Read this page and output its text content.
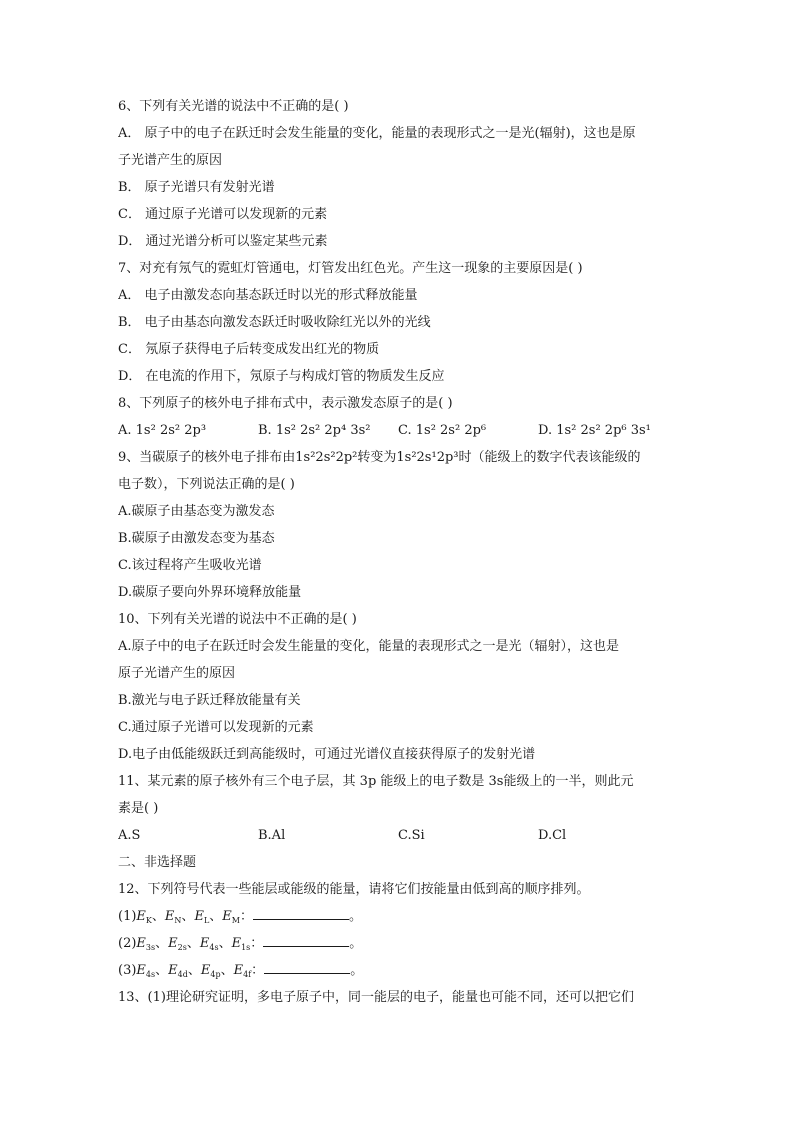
6、下列有关光谱的说法中不正确的是( )
A． 原子中的电子在跃迁时会发生能量的变化，能量的表现形式之一是光(辐射)，这也是原
子光谱产生的原因
B． 原子光谱只有发射光谱
C． 通过原子光谱可以发现新的元素
D． 通过光谱分析可以鉴定某些元素
7、对充有氖气的霓虹灯管通电，灯管发出红色光。产生这一现象的主要原因是( )
A． 电子由激发态向基态跃迁时以光的形式释放能量
B． 电子由基态向激发态跃迁时吸收除红光以外的光线
C． 氖原子获得电子后转变成发出红光的物质
D． 在电流的作用下，氖原子与构成灯管的物质发生反应
8、下列原子的核外电子排布式中，表示激发态原子的是( )
A. 1s² 2s² 2p³	B. 1s² 2s² 2p⁴ 3s²	C. 1s² 2s² 2p⁶	D. 1s² 2s² 2p⁶ 3s¹
9、当碳原子的核外电子排布由1s²2s²2p²转变为1s²2s¹2p³时（能级上的数字代表该能级的
电子数），下列说法正确的是( )
A.碳原子由基态变为激发态
B.碳原子由激发态变为基态
C.该过程将产生吸收光谱
D.碳原子要向外界环境释放能量
10、下列有关光谱的说法中不正确的是( )
A.原子中的电子在跃迁时会发生能量的变化，能量的表现形式之一是光（辐射），这也是
原子光谱产生的原因
B.激光与电子跃迁释放能量有关
C.通过原子光谱可以发现新的元素
D.电子由低能级跃迁到高能级时，可通过光谱仪直接获得原子的发射光谱
11、某元素的原子核外有三个电子层，其 3p 能级上的电子数是 3s能级上的一半，则此元
素是( )
A.S	B.Al	C.Si	D.Cl
二、非选择题
12、下列符号代表一些能层或能级的能量，请将它们按能量由低到高的顺序排列。
$(1)E_K$、$E_N$、$E_L$、$E_M$：	。
$(2)E_{3s}$、$E_{2s}$、$E_{4s}$、$E_{1s}$：	。
$(3)E_{4s}$、$E_{4d}$、$E_{4p}$、$E_{4f}$：	。
13、(1)理论研究证明，多电子原子中，同一能层的电子，能量也可能不同，还可以把它们
